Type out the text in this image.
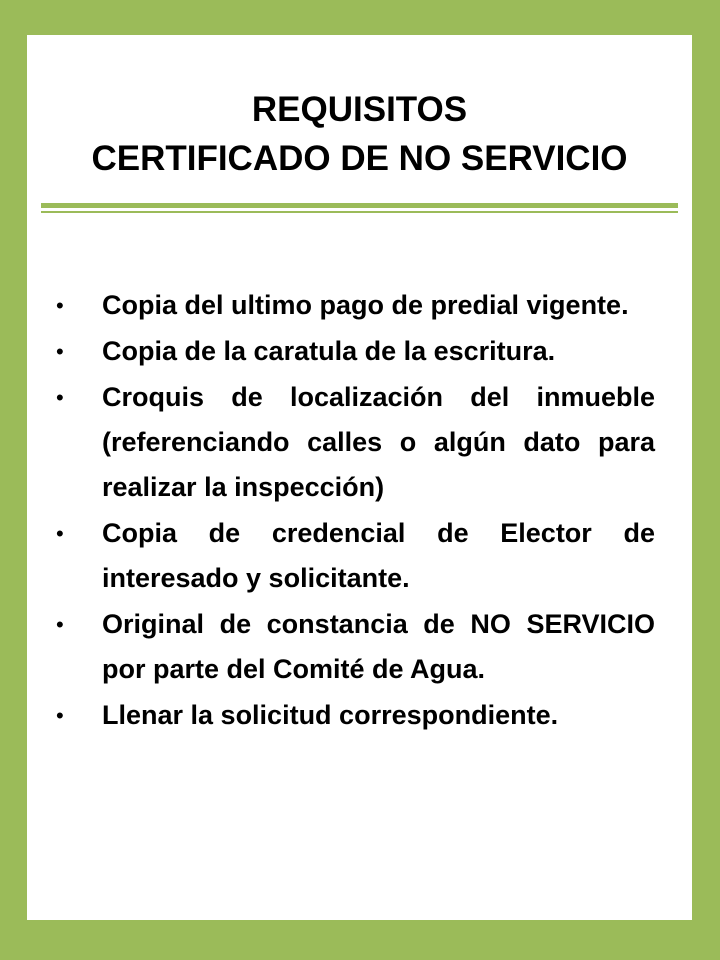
REQUISITOS
CERTIFICADO DE NO SERVICIO
• Copia del ultimo pago de predial vigente.
• Copia de la caratula de la escritura.
• Croquis de localización del inmueble (referenciando calles o algún dato para realizar la inspección)
• Copia de credencial de Elector de interesado y solicitante.
• Original de constancia de NO SERVICIO por parte del Comité de Agua.
• Llenar la solicitud correspondiente.
